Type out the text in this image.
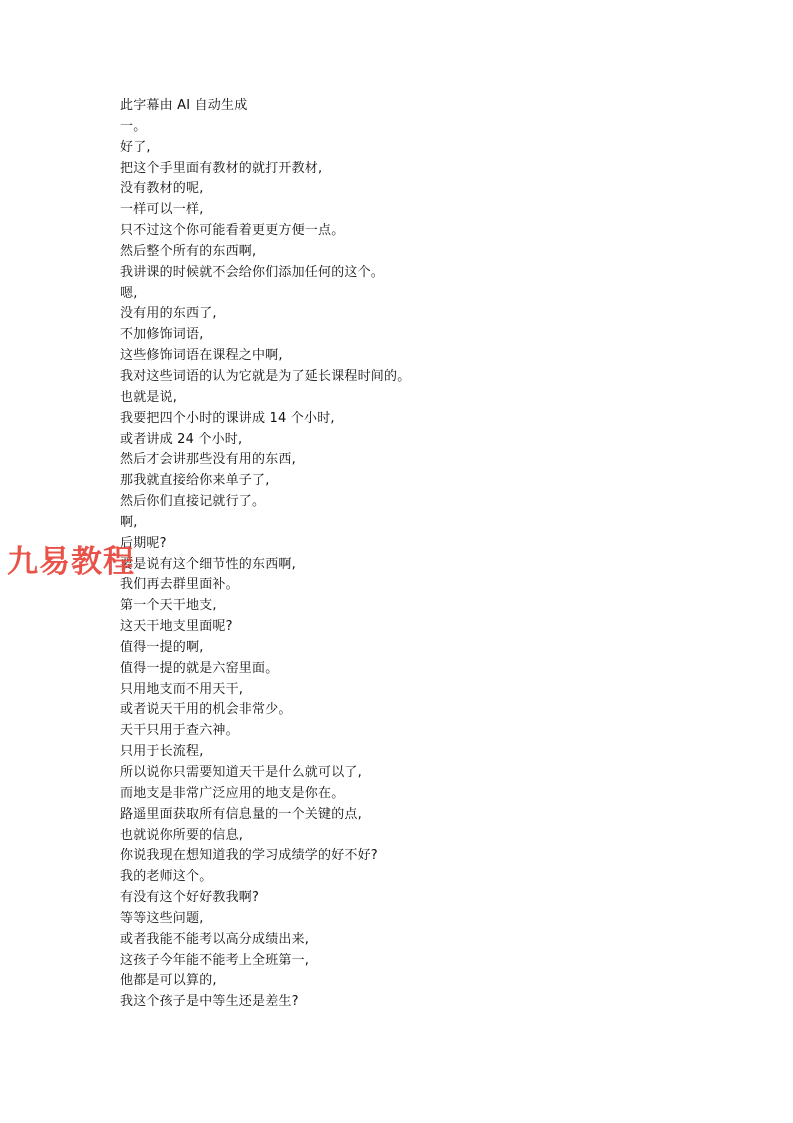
此字幕由 AI 自动生成
一。
好了,
把这个手里面有教材的就打开教材,
没有教材的呢,
一样可以一样,
只不过这个你可能看着更更方便一点。
然后整个所有的东西啊,
我讲课的时候就不会给你们添加任何的这个。
嗯,
没有用的东西了,
不加修饰词语,
这些修饰词语在课程之中啊,
我对这些词语的认为它就是为了延长课程时间的。
也就是说,
我要把四个小时的课讲成 14 个小时,
或者讲成 24 个小时,
然后才会讲那些没有用的东西,
那我就直接给你来单子了,
然后你们直接记就行了。
啊,
后期呢?
要是说有这个细节性的东西啊,
我们再去群里面补。
第一个天干地支,
这天干地支里面呢?
值得一提的啊,
值得一提的就是六窑里面。
只用地支而不用天干,
或者说天干用的机会非常少。
天干只用于查六神。
只用于长流程,
所以说你只需要知道天干是什么就可以了,
而地支是非常广泛应用的地支是你在。
路遥里面获取所有信息量的一个关键的点,
也就说你所要的信息,
你说我现在想知道我的学习成绩学的好不好?
我的老师这个。
有没有这个好好教我啊?
等等这些问题,
或者我能不能考以高分成绩出来,
这孩子今年能不能考上全班第一,
他都是可以算的,
我这个孩子是中等生还是差生?
九易教程
